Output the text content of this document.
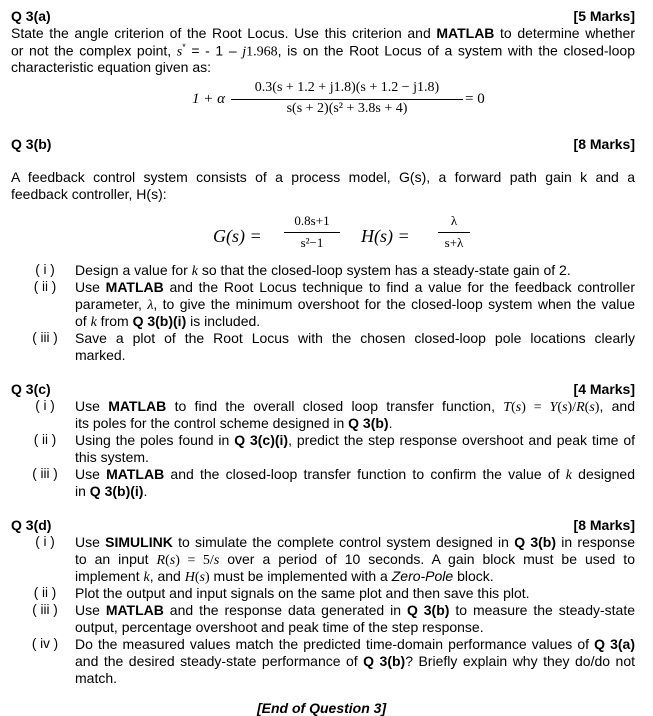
Q 3(a)	[5 Marks]
State the angle criterion of the Root Locus. Use this criterion and MATLAB to determine whether
or not the complex point, s* = - 1 – j1.968, is on the Root Locus of a system with the closed-loop
characteristic equation given as:
1 + α
0.3(s + 1.2 + j1.8)(s + 1.2 − j1.8)
s(s + 2)(s² + 3.8s + 4)
= 0
Q 3(b)	[8 Marks]
A feedback control system consists of a process model, G(s), a forward path gain k and a
feedback controller, H(s):
G(s) =
0.8s+1
s²−1	H(s) =
λ
s+λ
( i )	Design a value for k so that the closed-loop system has a steady-state gain of 2.
( ii )	Use MATLAB and the Root Locus technique to find a value for the feedback controller
parameter, λ, to give the minimum overshoot for the closed-loop system when the value
of k from Q 3(b)(i) is included.
( iii ) Save a plot of the Root Locus with the chosen closed-loop pole locations clearly
marked.
Q 3(c)	[4 Marks]
( i )	Use MATLAB to find the overall closed loop transfer function, T(s) = Y(s)/R(s), and
its poles for the control scheme designed in Q 3(b).
( ii )	Using the poles found in Q 3(c)(i), predict the step response overshoot and peak time of
this system.
( iii ) Use MATLAB and the closed-loop transfer function to confirm the value of k designed
in Q 3(b)(i).
Q 3(d)	[8 Marks]
( i )	Use SIMULINK to simulate the complete control system designed in Q 3(b) in response
to an input R(s) = 5/s over a period of 10 seconds. A gain block must be used to
implement k, and H(s) must be implemented with a Zero-Pole block.
( ii )	Plot the output and input signals on the same plot and then save this plot.
( iii ) Use MATLAB and the response data generated in Q 3(b) to measure the steady-state
output, percentage overshoot and peak time of the step response.
( iv ) Do the measured values match the predicted time-domain performance values of Q 3(a)
and the desired steady-state performance of Q 3(b)? Briefly explain why they do/do not
match.
[End of Question 3]
